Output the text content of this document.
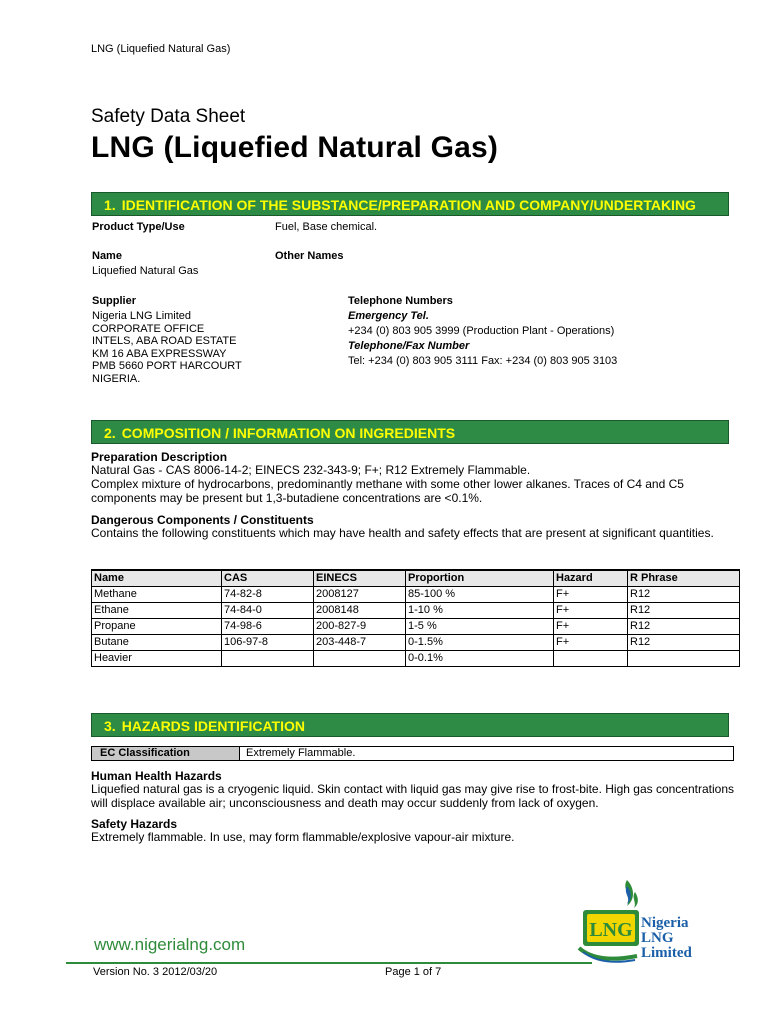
LNG (Liquefied Natural Gas)
Safety Data Sheet
LNG (Liquefied Natural Gas)
1. IDENTIFICATION OF THE SUBSTANCE/PREPARATION AND COMPANY/UNDERTAKING
Product Type/Use	Fuel, Base chemical.
Name
Liquefied Natural Gas
Other Names
Supplier
Nigeria LNG Limited
CORPORATE OFFICE
INTELS, ABA ROAD ESTATE
KM 16 ABA EXPRESSWAY
PMB 5660 PORT HARCOURT
NIGERIA.
Telephone Numbers
Emergency Tel.
+234 (0) 803 905 3999 (Production Plant - Operations)
Telephone/Fax Number
Tel: +234 (0) 803 905 3111 Fax: +234 (0) 803 905 3103
2. COMPOSITION / INFORMATION ON INGREDIENTS
Preparation Description
Natural Gas - CAS 8006-14-2; EINECS 232-343-9; F+; R12 Extremely Flammable.
Complex mixture of hydrocarbons, predominantly methane with some other lower alkanes. Traces of C4 and C5 components may be present but 1,3-butadiene concentrations are <0.1%.
Dangerous Components / Constituents
Contains the following constituents which may have health and safety effects that are present at significant quantities.
Name	CAS	EINECS	Proportion	Hazard	R Phrase
Methane	74-82-8	2008127	85-100 %	F+	R12
Ethane	74-84-0	2008148	1-10 %	F+	R12
Propane	74-98-6	200-827-9	1-5 %	F+	R12
Butane	106-97-8	203-448-7	0-1.5%	F+	R12
Heavier			0-0.1%		
3. HAZARDS IDENTIFICATION
EC Classification	Extremely Flammable.
Human Health Hazards
Liquefied natural gas is a cryogenic liquid. Skin contact with liquid gas may give rise to frost-bite. High gas concentrations will displace available air; unconsciousness and death may occur suddenly from lack of oxygen.
Safety Hazards
Extremely flammable. In use, may form flammable/explosive vapour-air mixture.
www.nigerialng.com
Version No. 3 2012/03/20	Page 1 of 7
LNG Nigeria
LNG
Limited
